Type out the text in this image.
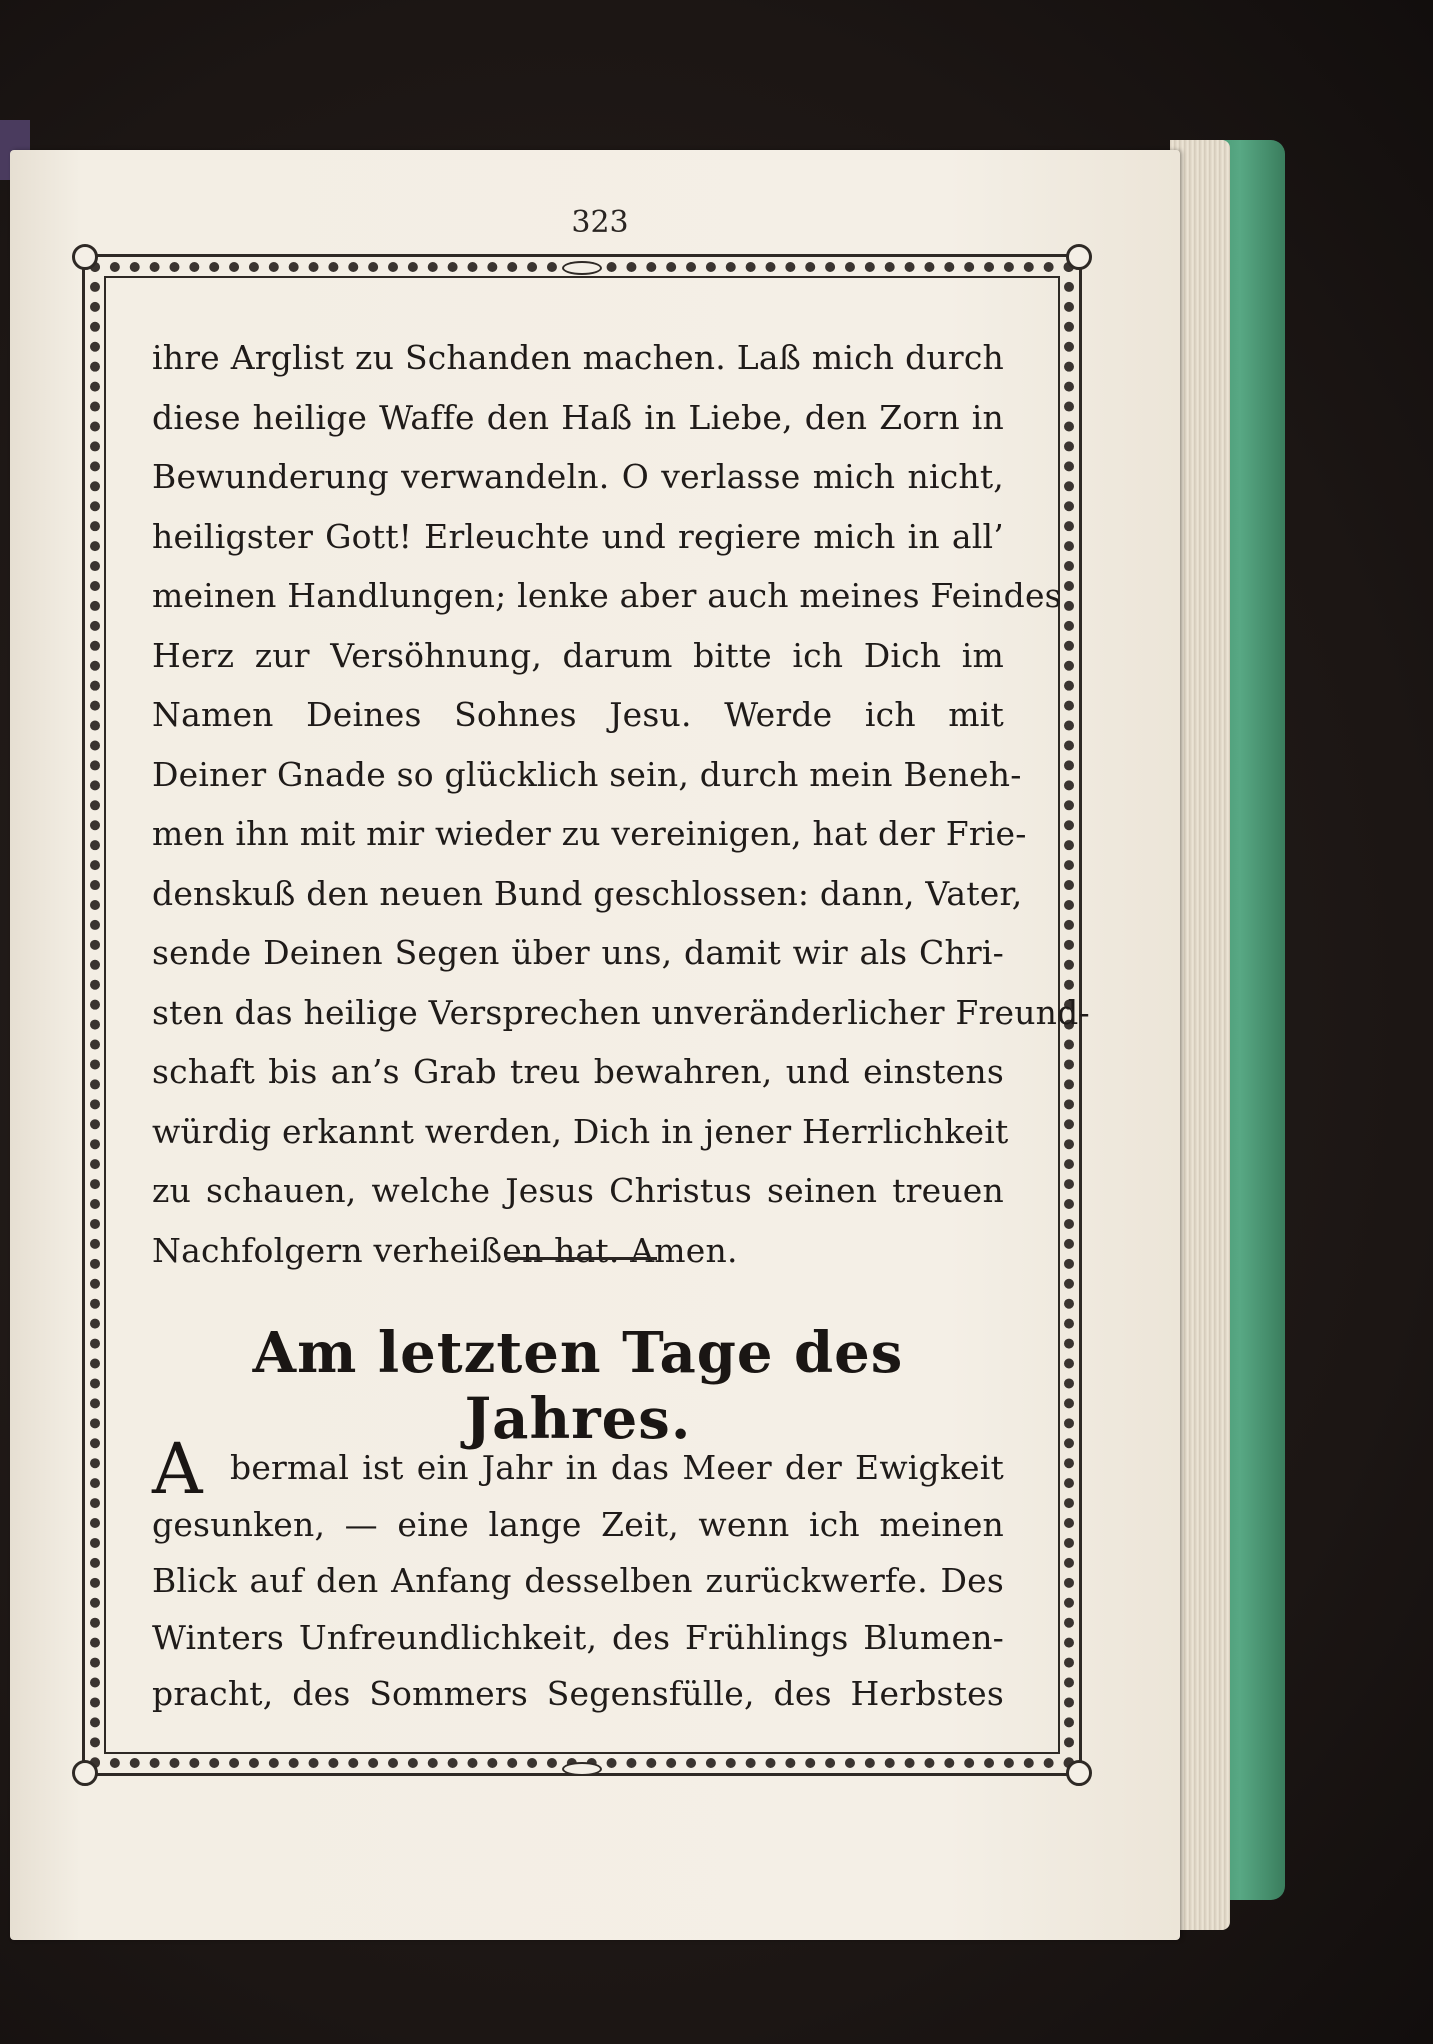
323
ihre Arglist zu Schanden machen. Laß mich durch
diese heilige Waffe den Haß in Liebe, den Zorn in
Bewunderung verwandeln. O verlasse mich nicht,
heiligster Gott! Erleuchte und regiere mich in all’
meinen Handlungen; lenke aber auch meines Feindes
Herz zur Versöhnung, darum bitte ich Dich im
Namen Deines Sohnes Jesu. Werde ich mit
Deiner Gnade so glücklich sein, durch mein Beneh-
men ihn mit mir wieder zu vereinigen, hat der Frie-
denskuß den neuen Bund geschlossen: dann, Vater,
sende Deinen Segen über uns, damit wir als Chri-
sten das heilige Versprechen unveränderlicher Freund-
schaft bis an’s Grab treu bewahren, und einstens
würdig erkannt werden, Dich in jener Herrlichkeit
zu schauen, welche Jesus Christus seinen treuen
Nachfolgern verheißen hat. Amen.
Am letzten Tage des Jahres.
A bermal ist ein Jahr in das Meer der Ewigkeit
gesunken, — eine lange Zeit, wenn ich meinen
Blick auf den Anfang desselben zurückwerfe. Des
Winters Unfreundlichkeit, des Frühlings Blumen-
pracht, des Sommers Segensfülle, des Herbstes
